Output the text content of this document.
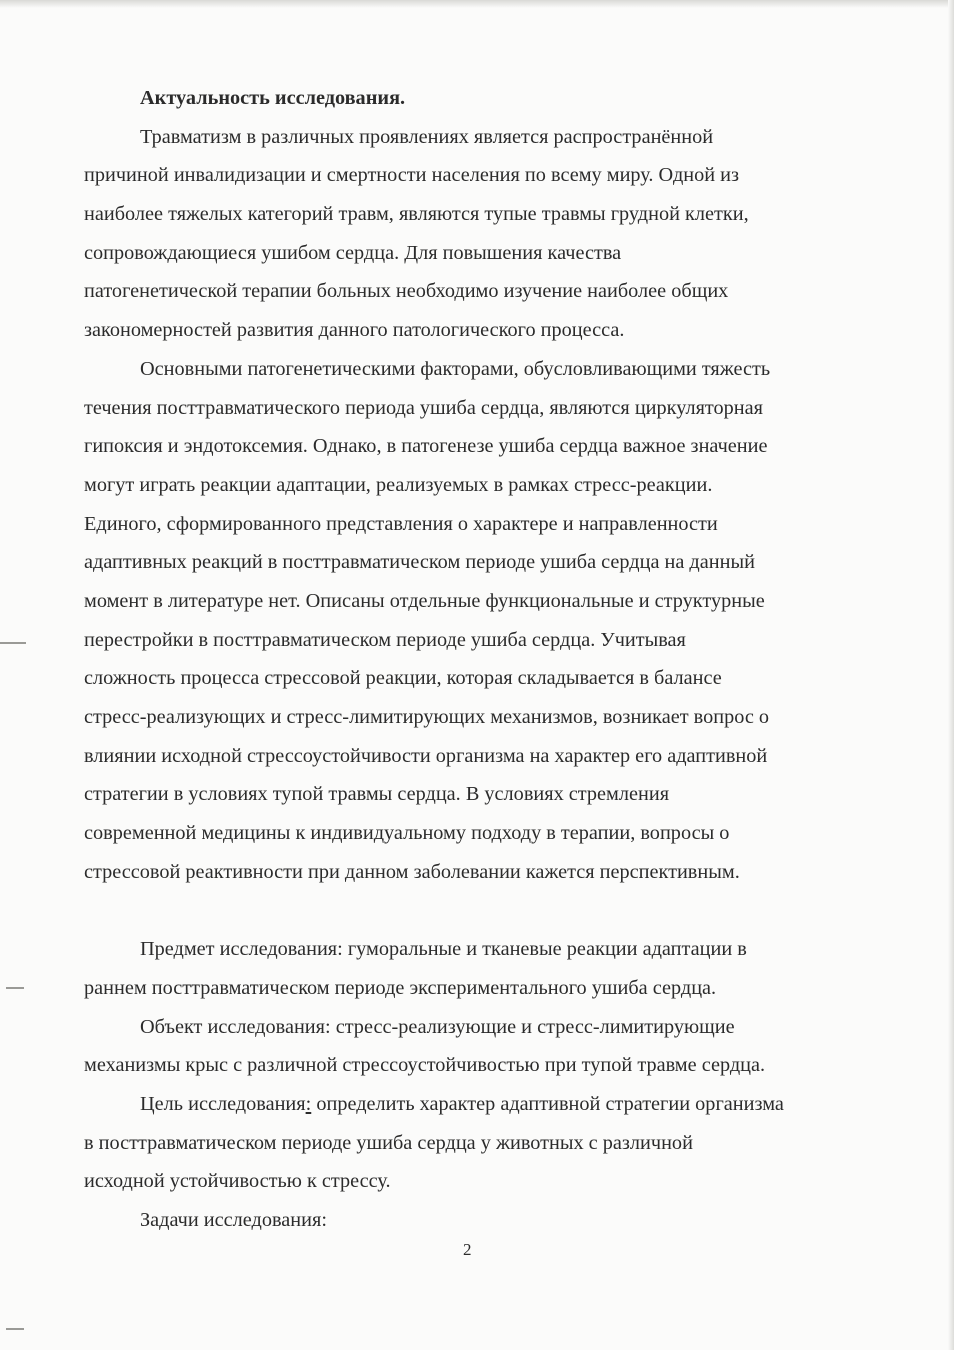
Актуальность исследования.
Травматизм в различных проявлениях является распространённой
причиной инвалидизации и смертности населения по всему миру. Одной из
наиболее тяжелых категорий травм, являются тупые травмы грудной клетки,
сопровождающиеся ушибом сердца. Для повышения качества
патогенетической терапии больных необходимо изучение наиболее общих
закономерностей развития данного патологического процесса.
Основными патогенетическими факторами, обусловливающими тяжесть
течения посттравматического периода ушиба сердца, являются циркуляторная
гипоксия и эндотоксемия. Однако, в патогенезе ушиба сердца важное значение
могут играть реакции адаптации, реализуемых в рамках стресс-реакции.
Единого, сформированного представления о характере и направленности
адаптивных реакций в посттравматическом периоде ушиба сердца на данный
момент в литературе нет. Описаны отдельные функциональные и структурные
перестройки в посттравматическом периоде ушиба сердца. Учитывая
сложность процесса стрессовой реакции, которая складывается в балансе
стресс-реализующих и стресс-лимитирующих механизмов, возникает вопрос о
влиянии исходной стрессоустойчивости организма на характер его адаптивной
стратегии в условиях тупой травмы сердца. В условиях стремления
современной медицины к индивидуальному подходу в терапии, вопросы о
стрессовой реактивности при данном заболевании кажется перспективным.
Предмет исследования: гуморальные и тканевые реакции адаптации в
раннем посттравматическом периоде экспериментального ушиба сердца.
Объект исследования: стресс-реализующие и стресс-лимитирующие
механизмы крыс с различной стрессоустойчивостью при тупой травме сердца.
Цель исследования: определить характер адаптивной стратегии организма
в посттравматическом периоде ушиба сердца у животных с различной
исходной устойчивостью к стрессу.
Задачи исследования:
2
